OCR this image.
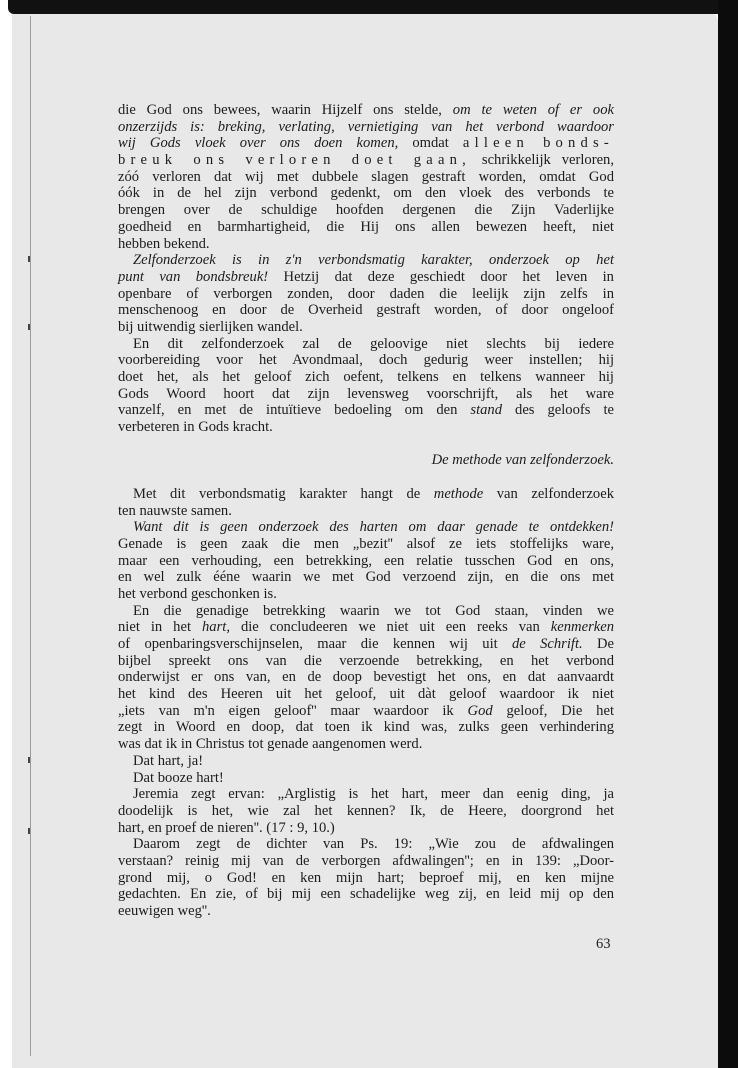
die God ons bewees, waarin Hijzelf ons stelde, om te weten of er ook
onzerzijds is: breking, verlating, vernietiging van het verbond waardoor
wij Gods vloek over ons doen komen, omdat alleen bonds-
breuk ons verloren doet gaan, schrikkelijk verloren,
zóó verloren dat wij met dubbele slagen gestraft worden, omdat God
óók in de hel zijn verbond gedenkt, om den vloek des verbonds te
brengen over de schuldige hoofden dergenen die Zijn Vaderlijke
goedheid en barmhartigheid, die Hij ons allen bewezen heeft, niet
hebben bekend.
Zelfonderzoek is in z'n verbondsmatig karakter, onderzoek op het
punt van bondsbreuk! Hetzij dat deze geschiedt door het leven in
openbare of verborgen zonden, door daden die leelijk zijn zelfs in
menschenoog en door de Overheid gestraft worden, of door ongeloof
bij uitwendig sierlijken wandel.
En dit zelfonderzoek zal de geloovige niet slechts bij iedere
voorbereiding voor het Avondmaal, doch gedurig weer instellen; hij
doet het, als het geloof zich oefent, telkens en telkens wanneer hij
Gods Woord hoort dat zijn levensweg voorschrijft, als het ware
vanzelf, en met de intuïtieve bedoeling om den stand des geloofs te
verbeteren in Gods kracht.
De methode van zelfonderzoek.
Met dit verbondsmatig karakter hangt de methode van zelfonderzoek
ten nauwste samen.
Want dit is geen onderzoek des harten om daar genade te ontdekken!
Genade is geen zaak die men „bezit'' alsof ze iets stoffelijks ware,
maar een verhouding, een betrekking, een relatie tusschen God en ons,
en wel zulk ééne waarin we met God verzoend zijn, en die ons met
het verbond geschonken is.
En die genadige betrekking waarin we tot God staan, vinden we
niet in het hart, die concludeeren we niet uit een reeks van kenmerken
of openbaringsverschijnselen, maar die kennen wij uit de Schrift. De
bijbel spreekt ons van die verzoende betrekking, en het verbond
onderwijst er ons van, en de doop bevestigt het ons, en dat aanvaardt
het kind des Heeren uit het geloof, uit dàt geloof waardoor ik niet
„iets van m'n eigen geloof'' maar waardoor ik God geloof, Die het
zegt in Woord en doop, dat toen ik kind was, zulks geen verhindering
was dat ik in Christus tot genade aangenomen werd.
Dat hart, ja!
Dat booze hart!
Jeremia zegt ervan: „Arglistig is het hart, meer dan eenig ding, ja
doodelijk is het, wie zal het kennen? Ik, de Heere, doorgrond het
hart, en proef de nieren''. (17 : 9, 10.)
Daarom zegt de dichter van Ps. 19: „Wie zou de afdwalingen
verstaan? reinig mij van de verborgen afdwalingen''; en in 139: „Door-
grond mij, o God! en ken mijn hart; beproef mij, en ken mijne
gedachten. En zie, of bij mij een schadelijke weg zij, en leid mij op den
eeuwigen weg''.
63
